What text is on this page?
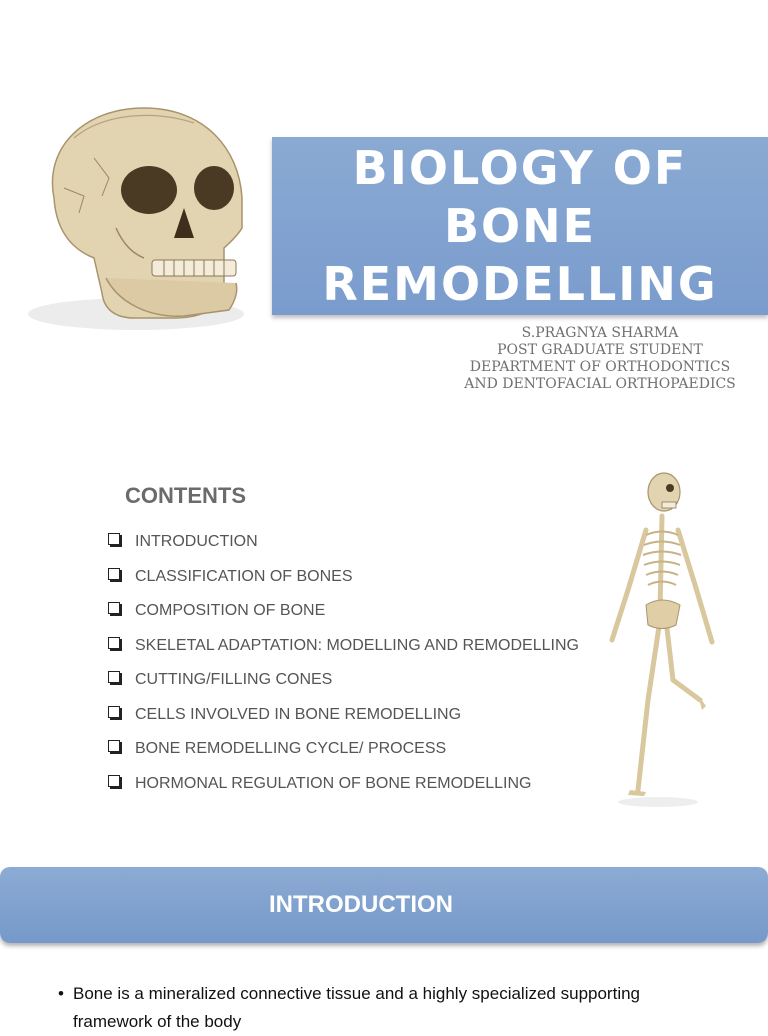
BIOLOGY OF
BONE
REMODELLING
S.PRAGNYA SHARMA
POST GRADUATE STUDENT
DEPARTMENT OF ORTHODONTICS
AND DENTOFACIAL ORTHOPAEDICS
CONTENTS
INTRODUCTION
CLASSIFICATION OF BONES
COMPOSITION OF BONE
SKELETAL ADAPTATION: MODELLING AND REMODELLING
CUTTING/FILLING CONES
CELLS INVOLVED IN BONE REMODELLING
BONE REMODELLING CYCLE/ PROCESS
HORMONAL REGULATION OF BONE REMODELLING
INTRODUCTION

• Bone is a mineralized connective tissue and a highly specialized supporting framework of the body
